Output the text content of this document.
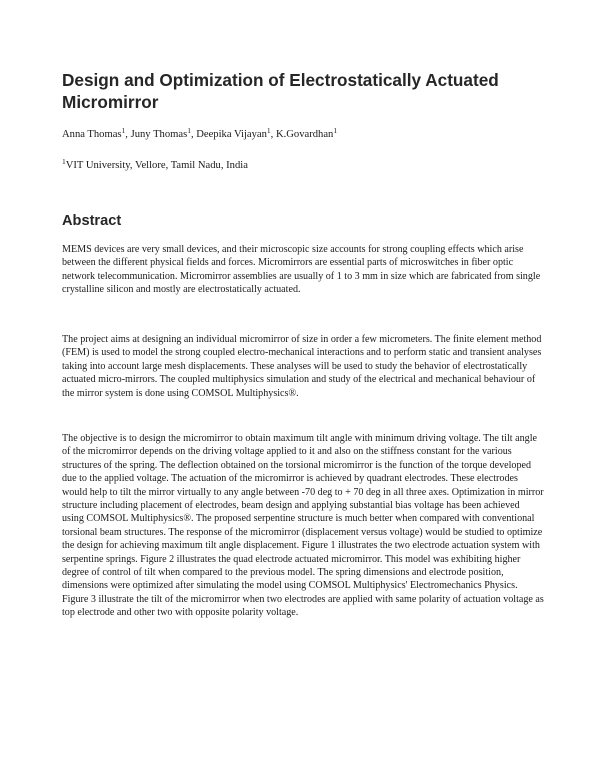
Design and Optimization of Electrostatically Actuated Micromirror
Anna Thomas$^1$, Juny Thomas$^1$, Deepika Vijayan$^1$, K.Govardhan$^1$
$^1$VIT University, Vellore, Tamil Nadu, India
Abstract

MEMS devices are very small devices, and their microscopic size accounts for strong coupling effects which arise between the different physical fields and forces. Micromirrors are essential parts of microswitches in fiber optic network telecommunication. Micromirror assemblies are usually of 1 to 3 mm in size which are fabricated from single crystalline silicon and mostly are electrostatically actuated.

The project aims at designing an individual micromirror of size in order a few micrometers. The finite element method (FEM) is used to model the strong coupled electro-mechanical interactions and to perform static and transient analyses taking into account large mesh displacements. These analyses will be used to study the behavior of electrostatically actuated micro-mirrors. The coupled multiphysics simulation and study of the electrical and mechanical behaviour of the mirror system is done using COMSOL Multiphysics®.

The objective is to design the micromirror to obtain maximum tilt angle with minimum driving voltage. The tilt angle of the micromirror depends on the driving voltage applied to it and also on the stiffness constant for the various structures of the spring. The deflection obtained on the torsional micromirror is the function of the torque developed due to the applied voltage. The actuation of the micromirror is achieved by quadrant electrodes. These electrodes would help to tilt the mirror virtually to any angle between -70 deg to + 70 deg in all three axes. Optimization in mirror structure including placement of electrodes, beam design and applying substantial bias voltage has been achieved using COMSOL Multiphysics®. The proposed serpentine structure is much better when compared with conventional torsional beam structures. The response of the micromirror (displacement versus voltage) would be studied to optimize the design for achieving maximum tilt angle displacement. Figure 1 illustrates the two electrode actuation system with serpentine springs. Figure 2 illustrates the quad electrode actuated micromirror. This model was exhibiting higher degree of control of tilt when compared to the previous model. The spring dimensions and electrode position, dimensions were optimized after simulating the model using COMSOL Multiphysics' Electromechanics Physics. Figure 3 illustrate the tilt of the micromirror when two electrodes are applied with same polarity of actuation voltage as top electrode and other two with opposite polarity voltage.
